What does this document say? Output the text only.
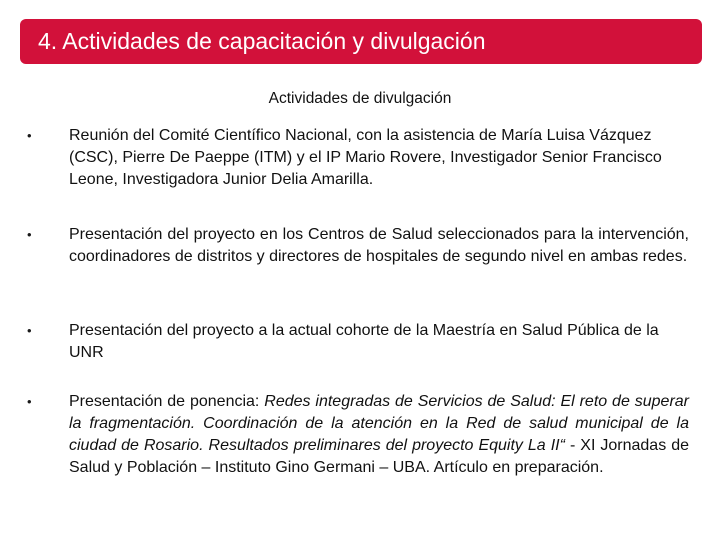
4. Actividades de capacitación y divulgación
Actividades de divulgación
• Reunión del Comité Científico Nacional, con la asistencia de María Luisa Vázquez (CSC), Pierre De Paeppe (ITM) y el IP Mario Rovere, Investigador Senior Francisco Leone, Investigadora Junior Delia Amarilla.
• Presentación del proyecto en los Centros de Salud seleccionados para la intervención, coordinadores de distritos y directores de hospitales de segundo nivel en ambas redes.
• Presentación del proyecto a la actual cohorte de la Maestría en Salud Pública de la UNR
• Presentación de ponencia: Redes integradas de Servicios de Salud: El reto de superar la fragmentación. Coordinación de la atención en la Red de salud municipal de la ciudad de Rosario. Resultados preliminares del proyecto Equity La II“ - XI Jornadas de Salud y Población – Instituto Gino Germani – UBA. Artículo en preparación.
